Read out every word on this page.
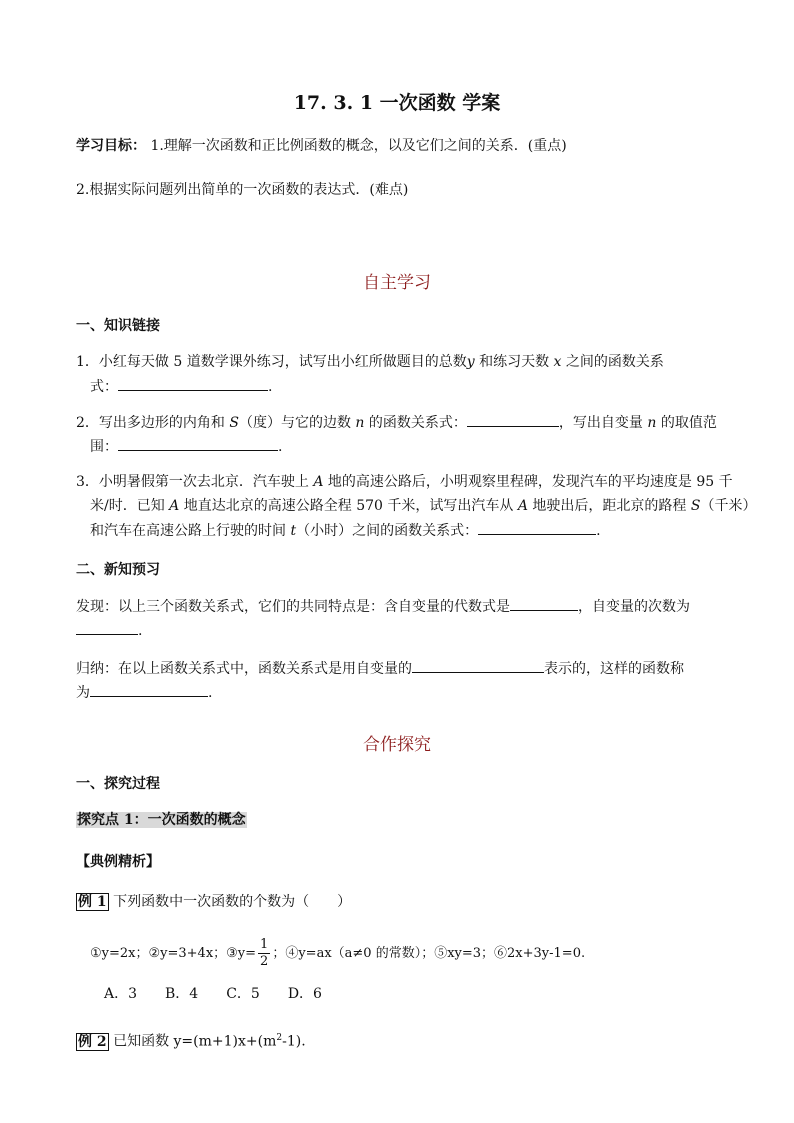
17. 3. 1 一次函数 学案
学习目标： 1.理解一次函数和正比例函数的概念，以及它们之间的关系．(重点)
2.根据实际问题列出简单的一次函数的表达式．(难点)
自主学习
一、知识链接
1．小红每天做 5 道数学课外练习，试写出小红所做题目的总数y 和练习天数 x 之间的函数关系
式：	.
2．写出多边形的内角和 S（度）与它的边数 n 的函数关系式：	，写出自变量 n 的取值范
围：	.
3．小明暑假第一次去北京．汽车驶上 A 地的高速公路后，小明观察里程碑，发现汽车的平均速度是 95 千
米/时．已知 A 地直达北京的高速公路全程 570 千米，试写出汽车从 A 地驶出后，距北京的路程 S（千米）
和汽车在高速公路上行驶的时间 t（小时）之间的函数关系式：	.
二、新知预习
发现：以上三个函数关系式，它们的共同特点是：含自变量的代数式是	，自变量的次数为
.
归纳：在以上函数关系式中，函数关系式是用自变量的	表示的，这样的函数称
为	.
合作探究
一、探究过程
探究点 1：一次函数的概念
【典例精析】
例 1 下列函数中一次函数的个数为（　　）
①y=2x；②y=3+4x；③y= $\frac{1}{2}$ ；④y=ax（a≠0 的常数）；⑤xy=3；⑥2x+3y-1=0.
A．3　　B．4　　C．5　　D．6
例 2 已知函数 $y=(m+1)x+(m^2-1)$.
